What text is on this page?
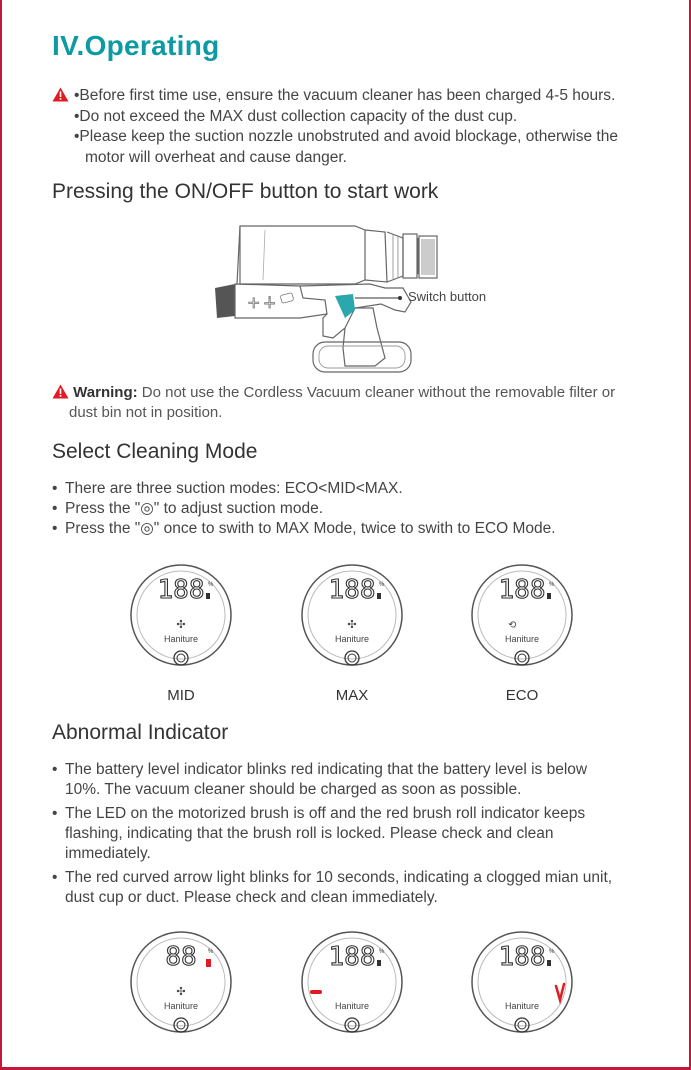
IV.Operating
•Before first time use, ensure the vacuum cleaner has been charged 4-5 hours.
•Do not exceed the MAX dust collection capacity of the dust cup.
•Please keep the suction nozzle unobstruted and avoid blockage, otherwise the
motor will overheat and cause danger.
Pressing the ON/OFF button to start work
+ ∔	Switch button
Warning: Do not use the Cordless Vacuum cleaner without the removable filter or
dust bin not in position.
Select Cleaning Mode
• There are three suction modes: ECO<MID<MAX.
• Press the "◎" to adjust suction mode.
• Press the "◎" once to swith to MAX Mode, twice to swith to ECO Mode.
188 %
✣
Haniture
MID
188 %
✣
Haniture
MAX
188 %
⟲
Haniture
ECO
Abnormal Indicator
• The battery level indicator blinks red indicating that the battery level is below
10%. The vacuum cleaner should be charged as soon as possible.
• The LED on the motorized brush is off and the red brush roll indicator keeps
flashing, indicating that the brush roll is locked. Please check and clean
immediately.
• The red curved arrow light blinks for 10 seconds, indicating a clogged mian unit,
dust cup or duct. Please check and clean immediately.
88 %
✣
Haniture
188 %
Haniture
188 %
Haniture
